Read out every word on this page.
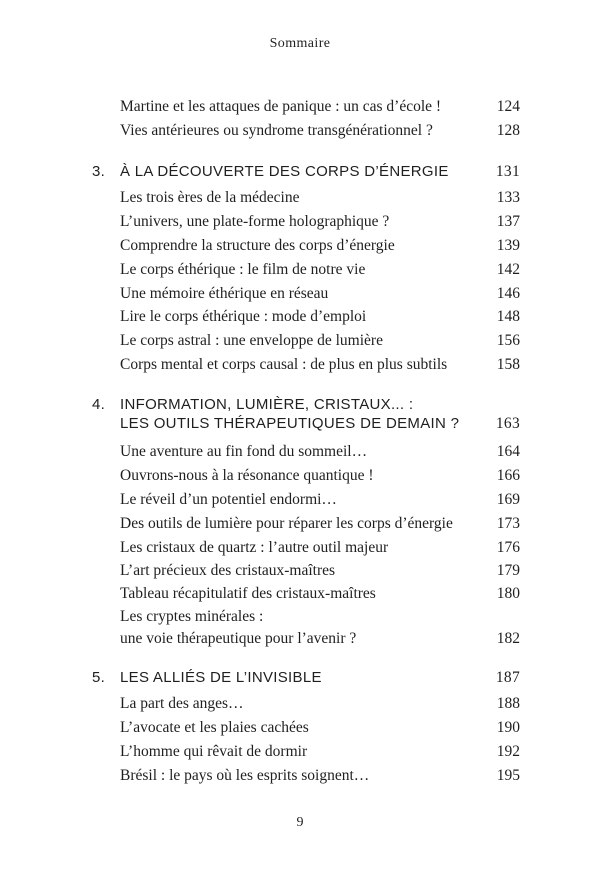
Sommaire
Martine et les attaques de panique : un cas d’école !	124
Vies antérieures ou syndrome transgénérationnel ?	128
3. À LA DÉCOUVERTE DES CORPS D’ÉNERGIE	131
Les trois ères de la médecine	133
L’univers, une plate-forme holographique ?	137
Comprendre la structure des corps d’énergie	139
Le corps éthérique : le film de notre vie	142
Une mémoire éthérique en réseau	146
Lire le corps éthérique : mode d’emploi	148
Le corps astral : une enveloppe de lumière	156
Corps mental et corps causal : de plus en plus subtils	158
4. INFORMATION, LUMIÈRE, CRISTAUX... :
LES OUTILS THÉRAPEUTIQUES DE DEMAIN ? 163
Une aventure au fin fond du sommeil…	164
Ouvrons-nous à la résonance quantique !	166
Le réveil d’un potentiel endormi…	169
Des outils de lumière pour réparer les corps d’énergie	173
Les cristaux de quartz : l’autre outil majeur	176
L’art précieux des cristaux-maîtres	179
Tableau récapitulatif des cristaux-maîtres	180
Les cryptes minérales :
une voie thérapeutique pour l’avenir ?	182
5. LES ALLIÉS DE L’INVISIBLE	187
La part des anges…	188
L’avocate et les plaies cachées	190
L’homme qui rêvait de dormir	192
Brésil : le pays où les esprits soignent…	195
9
